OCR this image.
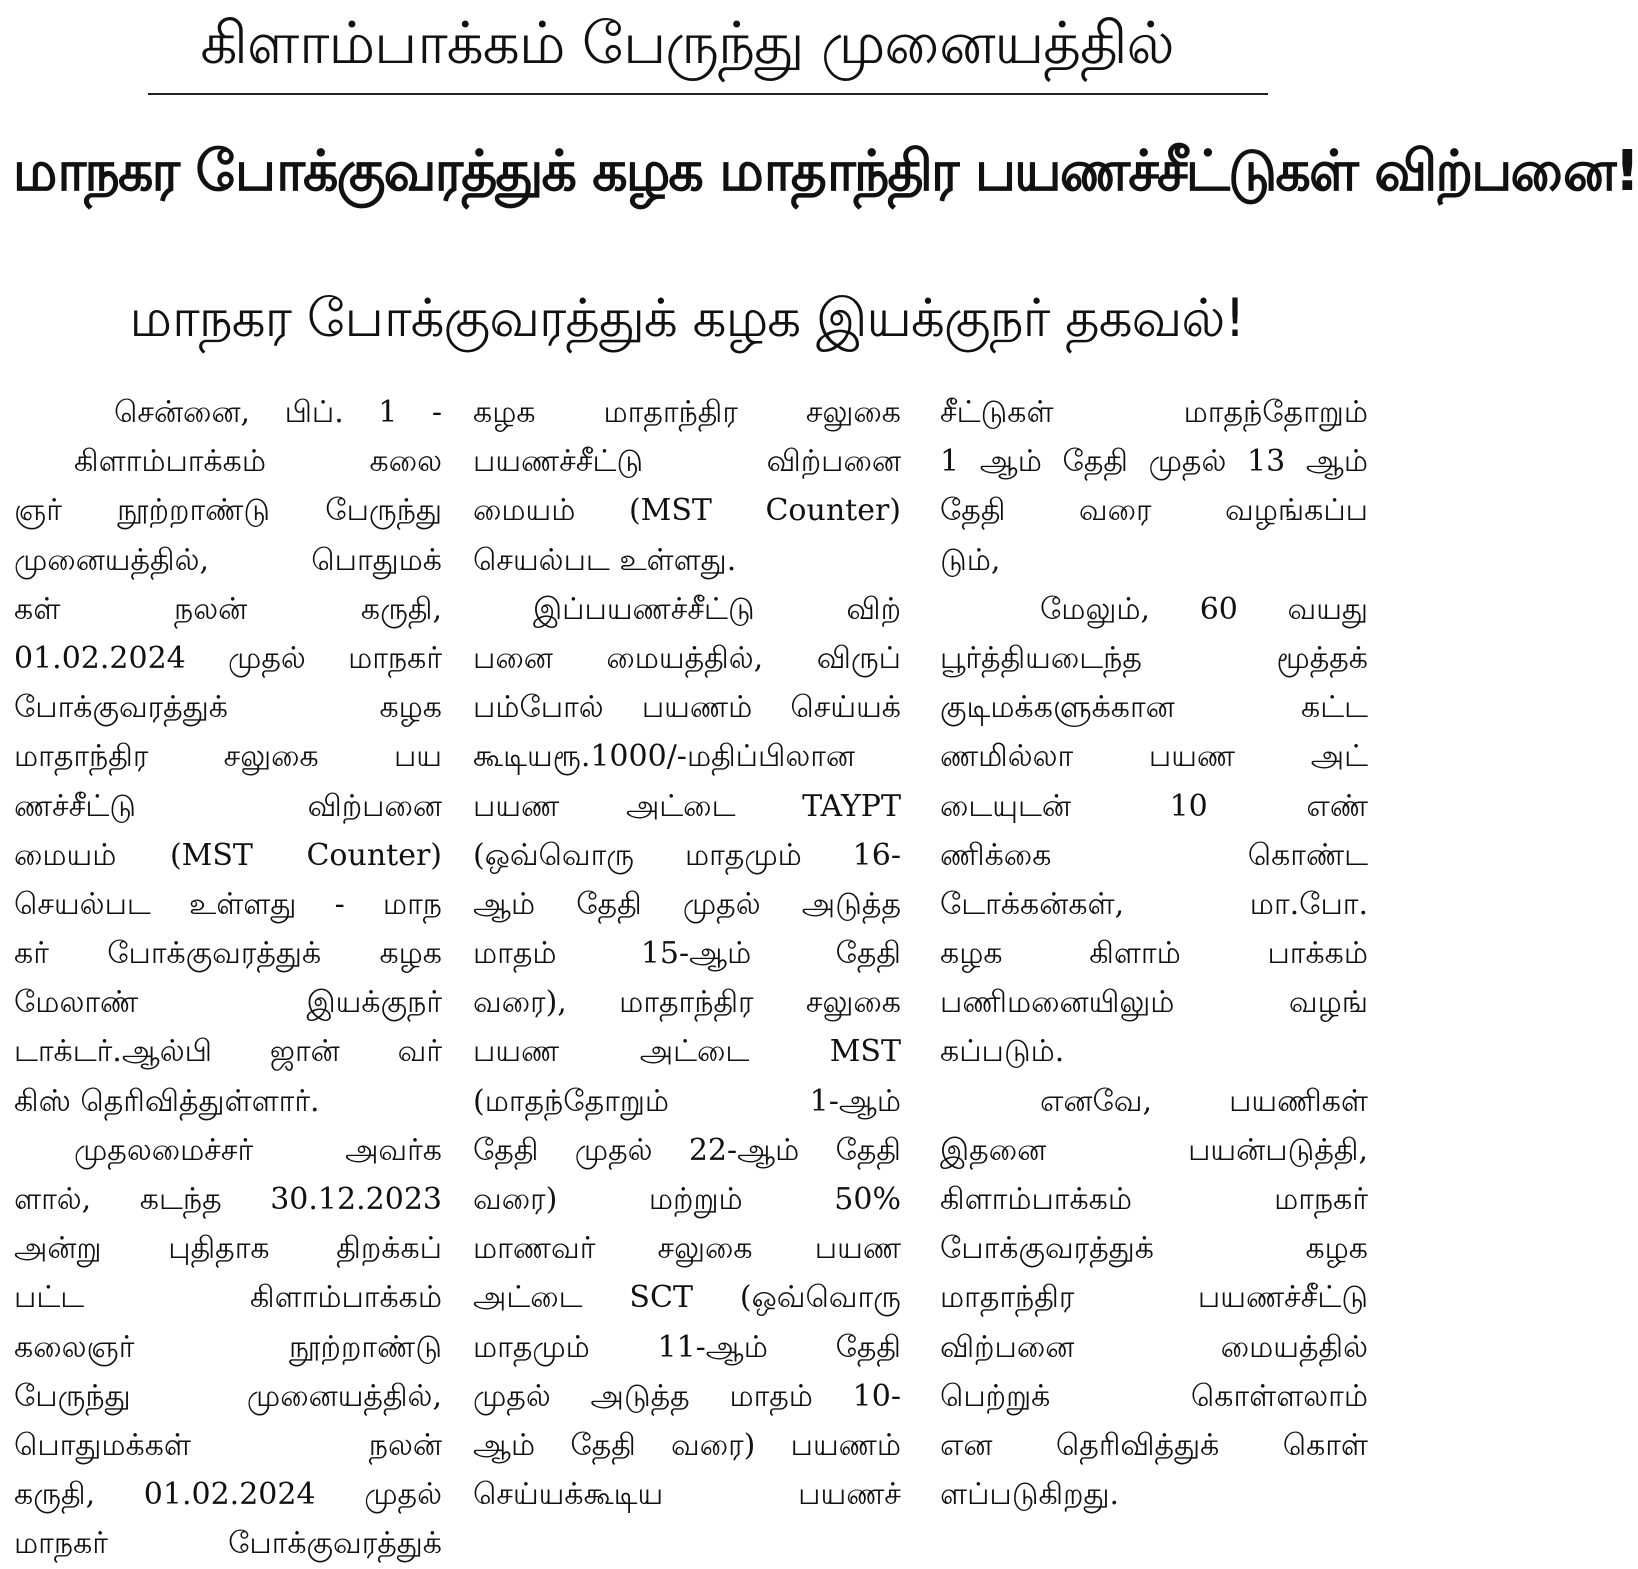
கிளாம்பாக்கம் பேருந்து முனையத்தில்
மாநகர போக்குவரத்துக் கழக மாதாந்திர பயணச்சீட்டுகள் விற்பனை!
மாநகர போக்குவரத்துக் கழக இயக்குநர் தகவல்!
சென்னை, பிப். 1 -
கிளாம்பாக்கம் கலை
ஞர் நூற்றாண்டு பேருந்து
முனையத்தில், பொதுமக்
கள் நலன் கருதி,
01.02.2024 முதல் மாநகர்
போக்குவரத்துக் கழக
மாதாந்திர சலுகை பய
ணச்சீட்டு விற்பனை
மையம் (MST Counter)
செயல்பட உள்ளது - மாந
கர் போக்குவரத்துக் கழக
மேலாண் இயக்குநர்
டாக்டர்.ஆல்பி ஜான் வர்
கிஸ் தெரிவித்துள்ளார்.
முதலமைச்சர் அவர்க
ளால், கடந்த 30.12.2023
அன்று புதிதாக திறக்கப்
பட்ட கிளாம்பாக்கம்
கலைஞர் நூற்றாண்டு
பேருந்து முனையத்தில்,
பொதுமக்கள் நலன்
கருதி, 01.02.2024 முதல்
மாநகர் போக்குவரத்துக்
கழக மாதாந்திர சலுகை
பயணச்சீட்டு விற்பனை
மையம் (MST Counter)
செயல்பட உள்ளது.
இப்பயணச்சீட்டு விற்
பனை மையத்தில், விருப்
பம்போல் பயணம் செய்யக்
கூடியரூ.1000/-மதிப்பிலான
பயண அட்டை TAYPT
(ஒவ்வொரு மாதமும் 16-
ஆம் தேதி முதல் அடுத்த
மாதம் 15-ஆம் தேதி
வரை), மாதாந்திர சலுகை
பயண அட்டை MST
(மாதந்தோறும் 1-ஆம்
தேதி முதல் 22-ஆம் தேதி
வரை) மற்றும் 50%
மாணவர் சலுகை பயண
அட்டை SCT (ஒவ்வொரு
மாதமும் 11-ஆம் தேதி
முதல் அடுத்த மாதம் 10-
ஆம் தேதி வரை) பயணம்
செய்யக்கூடிய பயணச்
சீட்டுகள் மாதந்தோறும்
1 ஆம் தேதி முதல் 13 ஆம்
தேதி வரை வழங்கப்ப
டும்,
மேலும், 60 வயது
பூர்த்தியடைந்த மூத்தக்
குடிமக்களுக்கான கட்ட
ணமில்லா பயண அட்
டையுடன் 10 எண்
ணிக்கை கொண்ட
டோக்கன்கள், மா.போ.
கழக கிளாம் பாக்கம்
பணிமனையிலும் வழங்
கப்படும்.
எனவே, பயணிகள்
இதனை பயன்படுத்தி,
கிளாம்பாக்கம் மாநகர்
போக்குவரத்துக் கழக
மாதாந்திர பயணச்சீட்டு
விற்பனை மையத்தில்
பெற்றுக் கொள்ளலாம்
என தெரிவித்துக் கொள்
ளப்படுகிறது.
